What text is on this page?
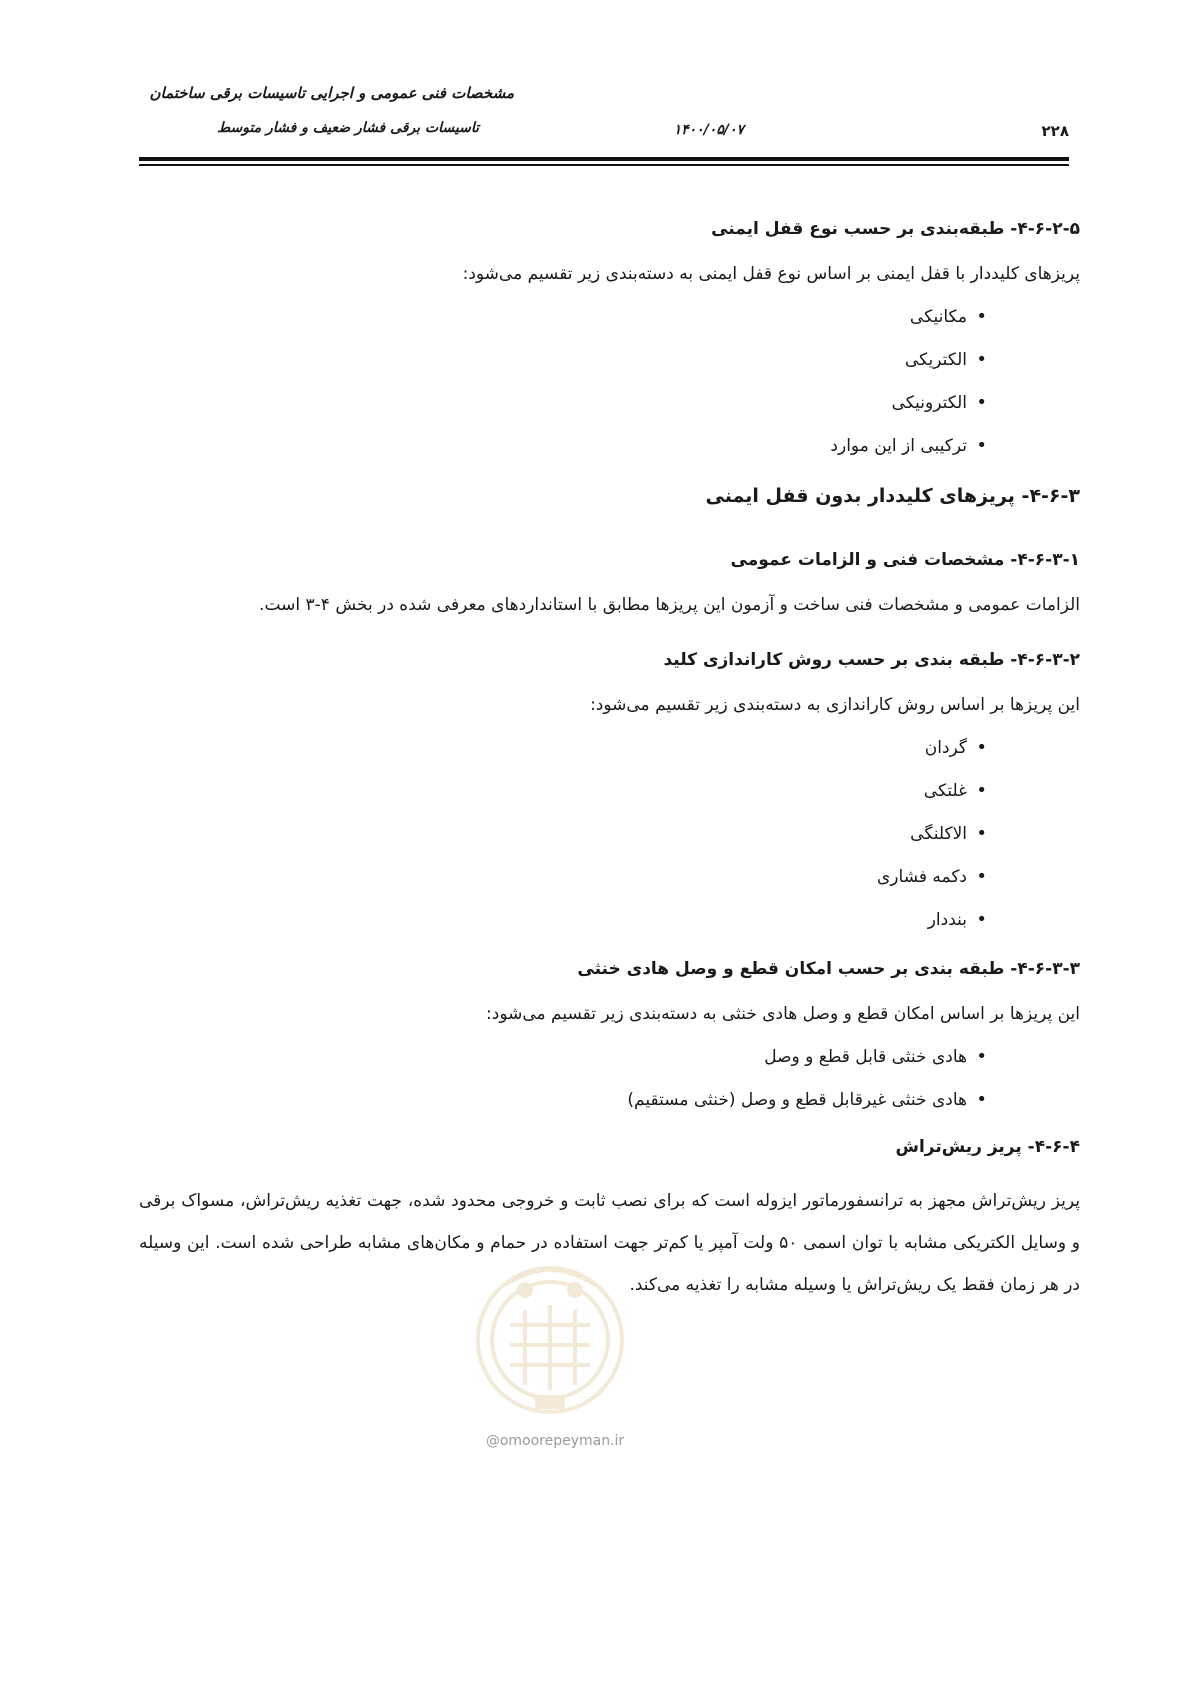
مشخصات فنی عمومی و اجرایی تاسیسات برقی ساختمان
تاسیسات برقی فشار ضعیف و فشار متوسط	۱۴۰۰/۰۵/۰۷	۲۲۸
۴-۶-۲-۵- طبقه‌بندی بر حسب نوع قفل ایمنی

پریزهای کلیددار با قفل ایمنی بر اساس نوع قفل ایمنی به دسته‌بندی زیر تقسیم می‌شود:

• مکانیکی
• الکتریکی
• الکترونیکی
• ترکیبی از این موارد
۴-۶-۳- پریزهای کلیددار بدون قفل ایمنی
۴-۶-۳-۱- مشخصات فنی و الزامات عمومی

الزامات عمومی و مشخصات فنی ساخت و آزمون این پریزها مطابق با استانداردهای معرفی شده در بخش ۴-۳ است.

۴-۶-۳-۲- طبقه بندی بر حسب روش کاراندازی کلید

این پریزها بر اساس روش کاراندازی به دسته‌بندی زیر تقسیم می‌شود:

• گردان
• غلتکی
• الاکلنگی
• دکمه فشاری
• بنددار
۴-۶-۳-۳- طبقه بندی بر حسب امکان قطع و وصل هادی خنثی

این پریزها بر اساس امکان قطع و وصل هادی خنثی به دسته‌بندی زیر تقسیم می‌شود:

• هادی خنثی قابل قطع و وصل
• هادی خنثی غیرقابل قطع و وصل (خنثی مستقیم)
۴-۶-۴- پریز ریش‌تراش

پریز ریش‌تراش مجهز به ترانسفورماتور ایزوله است که برای نصب ثابت و خروجی محدود شده، جهت تغذیه ریش‌تراش، مسواک برقی و وسایل الکتریکی مشابه با توان اسمی ۵۰ ولت آمپر یا کم‌تر جهت استفاده در حمام و مکان‌های مشابه طراحی شده است. این وسیله در هر زمان فقط یک ریش‌تراش یا وسیله مشابه را تغذیه می‌کند.

@omoorepeyman.ir
